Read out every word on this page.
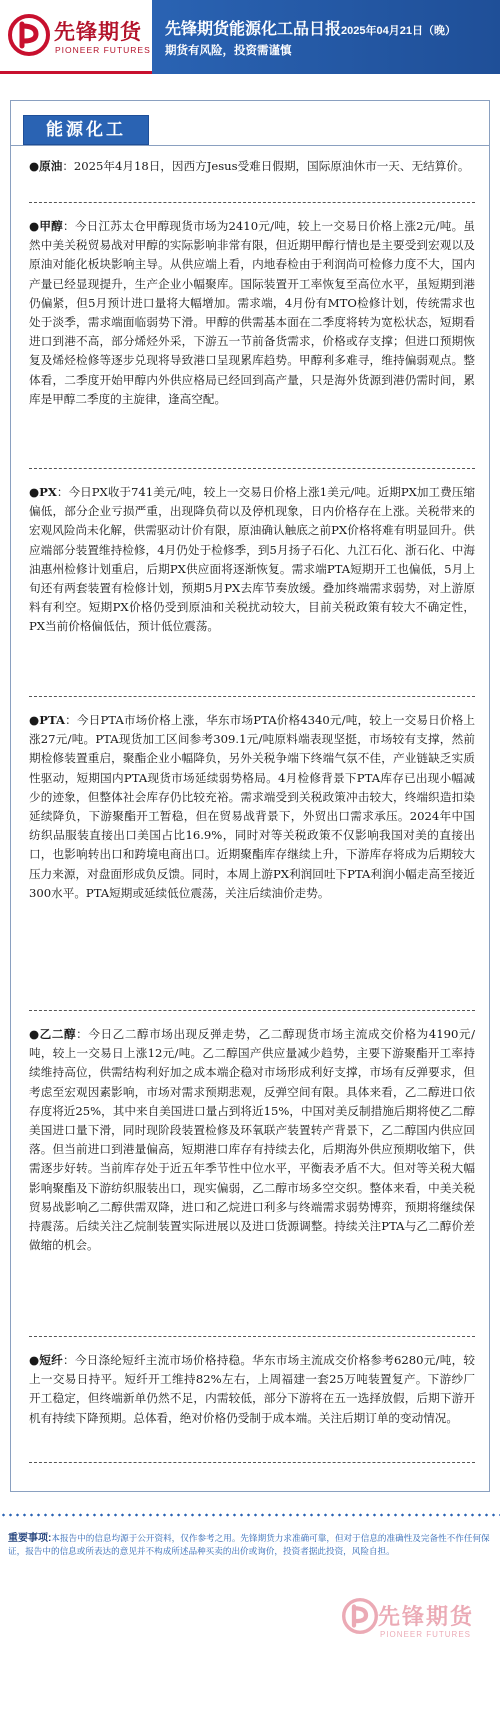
先锋期货
PIONEER FUTURES
先锋期货能源化工品日报2025年04月21日（晚）
期货有风险，投资需谨慎
能源化工
●原油：2025年4月18日，因西方Jesus受难日假期，国际原油休市一天、无结算价。
●甲醇：今日江苏太仓甲醇现货市场为2410元/吨，较上一交易日价格上涨2元/吨。虽然中美关税贸易战对甲醇的实际影响非常有限，但近期甲醇行情也是主要受到宏观以及原油对能化板块影响主导。从供应端上看，内地春检由于利润尚可检修力度不大，国内产量已经显现提升，生产企业小幅聚库。国际装置开工率恢复至高位水平，虽短期到港仍偏紧，但5月预计进口量将大幅增加。需求端，4月份有MTO检修计划，传统需求也处于淡季，需求端面临弱势下滑。甲醇的供需基本面在二季度将转为宽松状态，短期看进口到港不高，部分烯烃外采，下游五一节前备货需求，价格或存支撑；但进口预期恢复及烯烃检修等逐步兑现将导致港口呈现累库趋势。甲醇利多难寻，维持偏弱观点。整体看，二季度开始甲醇内外供应格局已经回到高产量，只是海外货源到港仍需时间，累库是甲醇二季度的主旋律，逢高空配。
●PX：今日PX收于741美元/吨，较上一交易日价格上涨1美元/吨。近期PX加工费压缩偏低，部分企业亏损严重，出现降负荷以及停机现象，日内价格存在上涨。关税带来的宏观风险尚未化解，供需驱动计价有限，原油确认触底之前PX价格将难有明显回升。供应端部分装置维持检修，4月仍处于检修季，到5月扬子石化、九江石化、浙石化、中海油惠州检修计划重启，后期PX供应面将逐渐恢复。需求端PTA短期开工也偏低，5月上旬还有两套装置有检修计划，预期5月PX去库节奏放缓。叠加终端需求弱势，对上游原料有利空。短期PX价格仍受到原油和关税扰动较大，目前关税政策有较大不确定性，PX当前价格偏低估，预计低位震荡。
●PTA：今日PTA市场价格上涨，华东市场PTA价格4340元/吨，较上一交易日价格上涨27元/吨。PTA现货加工区间参考309.1元/吨原料端表现坚挺，市场较有支撑，然前期检修装置重启，聚酯企业小幅降负，另外关税争端下终端气氛不佳，产业链缺乏实质性驱动，短期国内PTA现货市场延续弱势格局。4月检修背景下PTA库存已出现小幅减少的迹象，但整体社会库存仍比较充裕。需求端受到关税政策冲击较大，终端织造扣染延续降负，下游聚酯开工暂稳，但在贸易战背景下，外贸出口需求承压。2024年中国纺织品服装直接出口美国占比16.9%，同时对等关税政策不仅影响我国对美的直接出口，也影响转出口和跨境电商出口。近期聚酯库存继续上升，下游库存将成为后期较大压力来源，对盘面形成负反馈。同时，本周上游PX利润回吐下PTA利润小幅走高至接近300水平。PTA短期或延续低位震荡，关注后续油价走势。
●乙二醇：今日乙二醇市场出现反弹走势，乙二醇现货市场主流成交价格为4190元/吨，较上一交易日上涨12元/吨。乙二醇国产供应量减少趋势，主要下游聚酯开工率持续维持高位，供需结构利好加之成本端企稳对市场形成利好支撑，市场有反弹要求，但考虑至宏观因素影响，市场对需求预期悲观，反弹空间有限。具体来看，乙二醇进口依存度将近25%，其中来自美国进口量占到将近15%，中国对美反制措施后期将使乙二醇美国进口量下滑，同时现阶段装置检修及环氧联产装置转产背景下，乙二醇国内供应回落。但当前进口到港量偏高，短期港口库存有持续去化，后期海外供应预期收缩下，供需逐步好转。当前库存处于近五年季节性中位水平，平衡表矛盾不大。但对等关税大幅影响聚酯及下游纺织服装出口，现实偏弱，乙二醇市场多空交织。整体来看，中美关税贸易战影响乙二醇供需双降，进口和乙烷进口利多与终端需求弱势博弈，预期将继续保持震荡。后续关注乙烷制装置实际进展以及进口货源调整。持续关注PTA与乙二醇价差做缩的机会。
●短纤：今日涤纶短纤主流市场价格持稳。华东市场主流成交价格参考6280元/吨，较上一交易日持平。短纤开工维持82%左右，上周福建一套25万吨装置复产。下游纱厂开工稳定，但终端新单仍然不足，内需较低，部分下游将在五一选择放假，后期下游开机有持续下降预期。总体看，绝对价格仍受制于成本端。关注后期订单的变动情况。
重要事项:本报告中的信息均源于公开资料，仅作参考之用。先锋期货力求准确可靠，但对于信息的准确性及完备性不作任何保证，报告中的信息或所表达的意见并不构成所述品种买卖的出价或询价，投资者据此投资，风险自担。
先锋期货
PIONEER FUTURES
